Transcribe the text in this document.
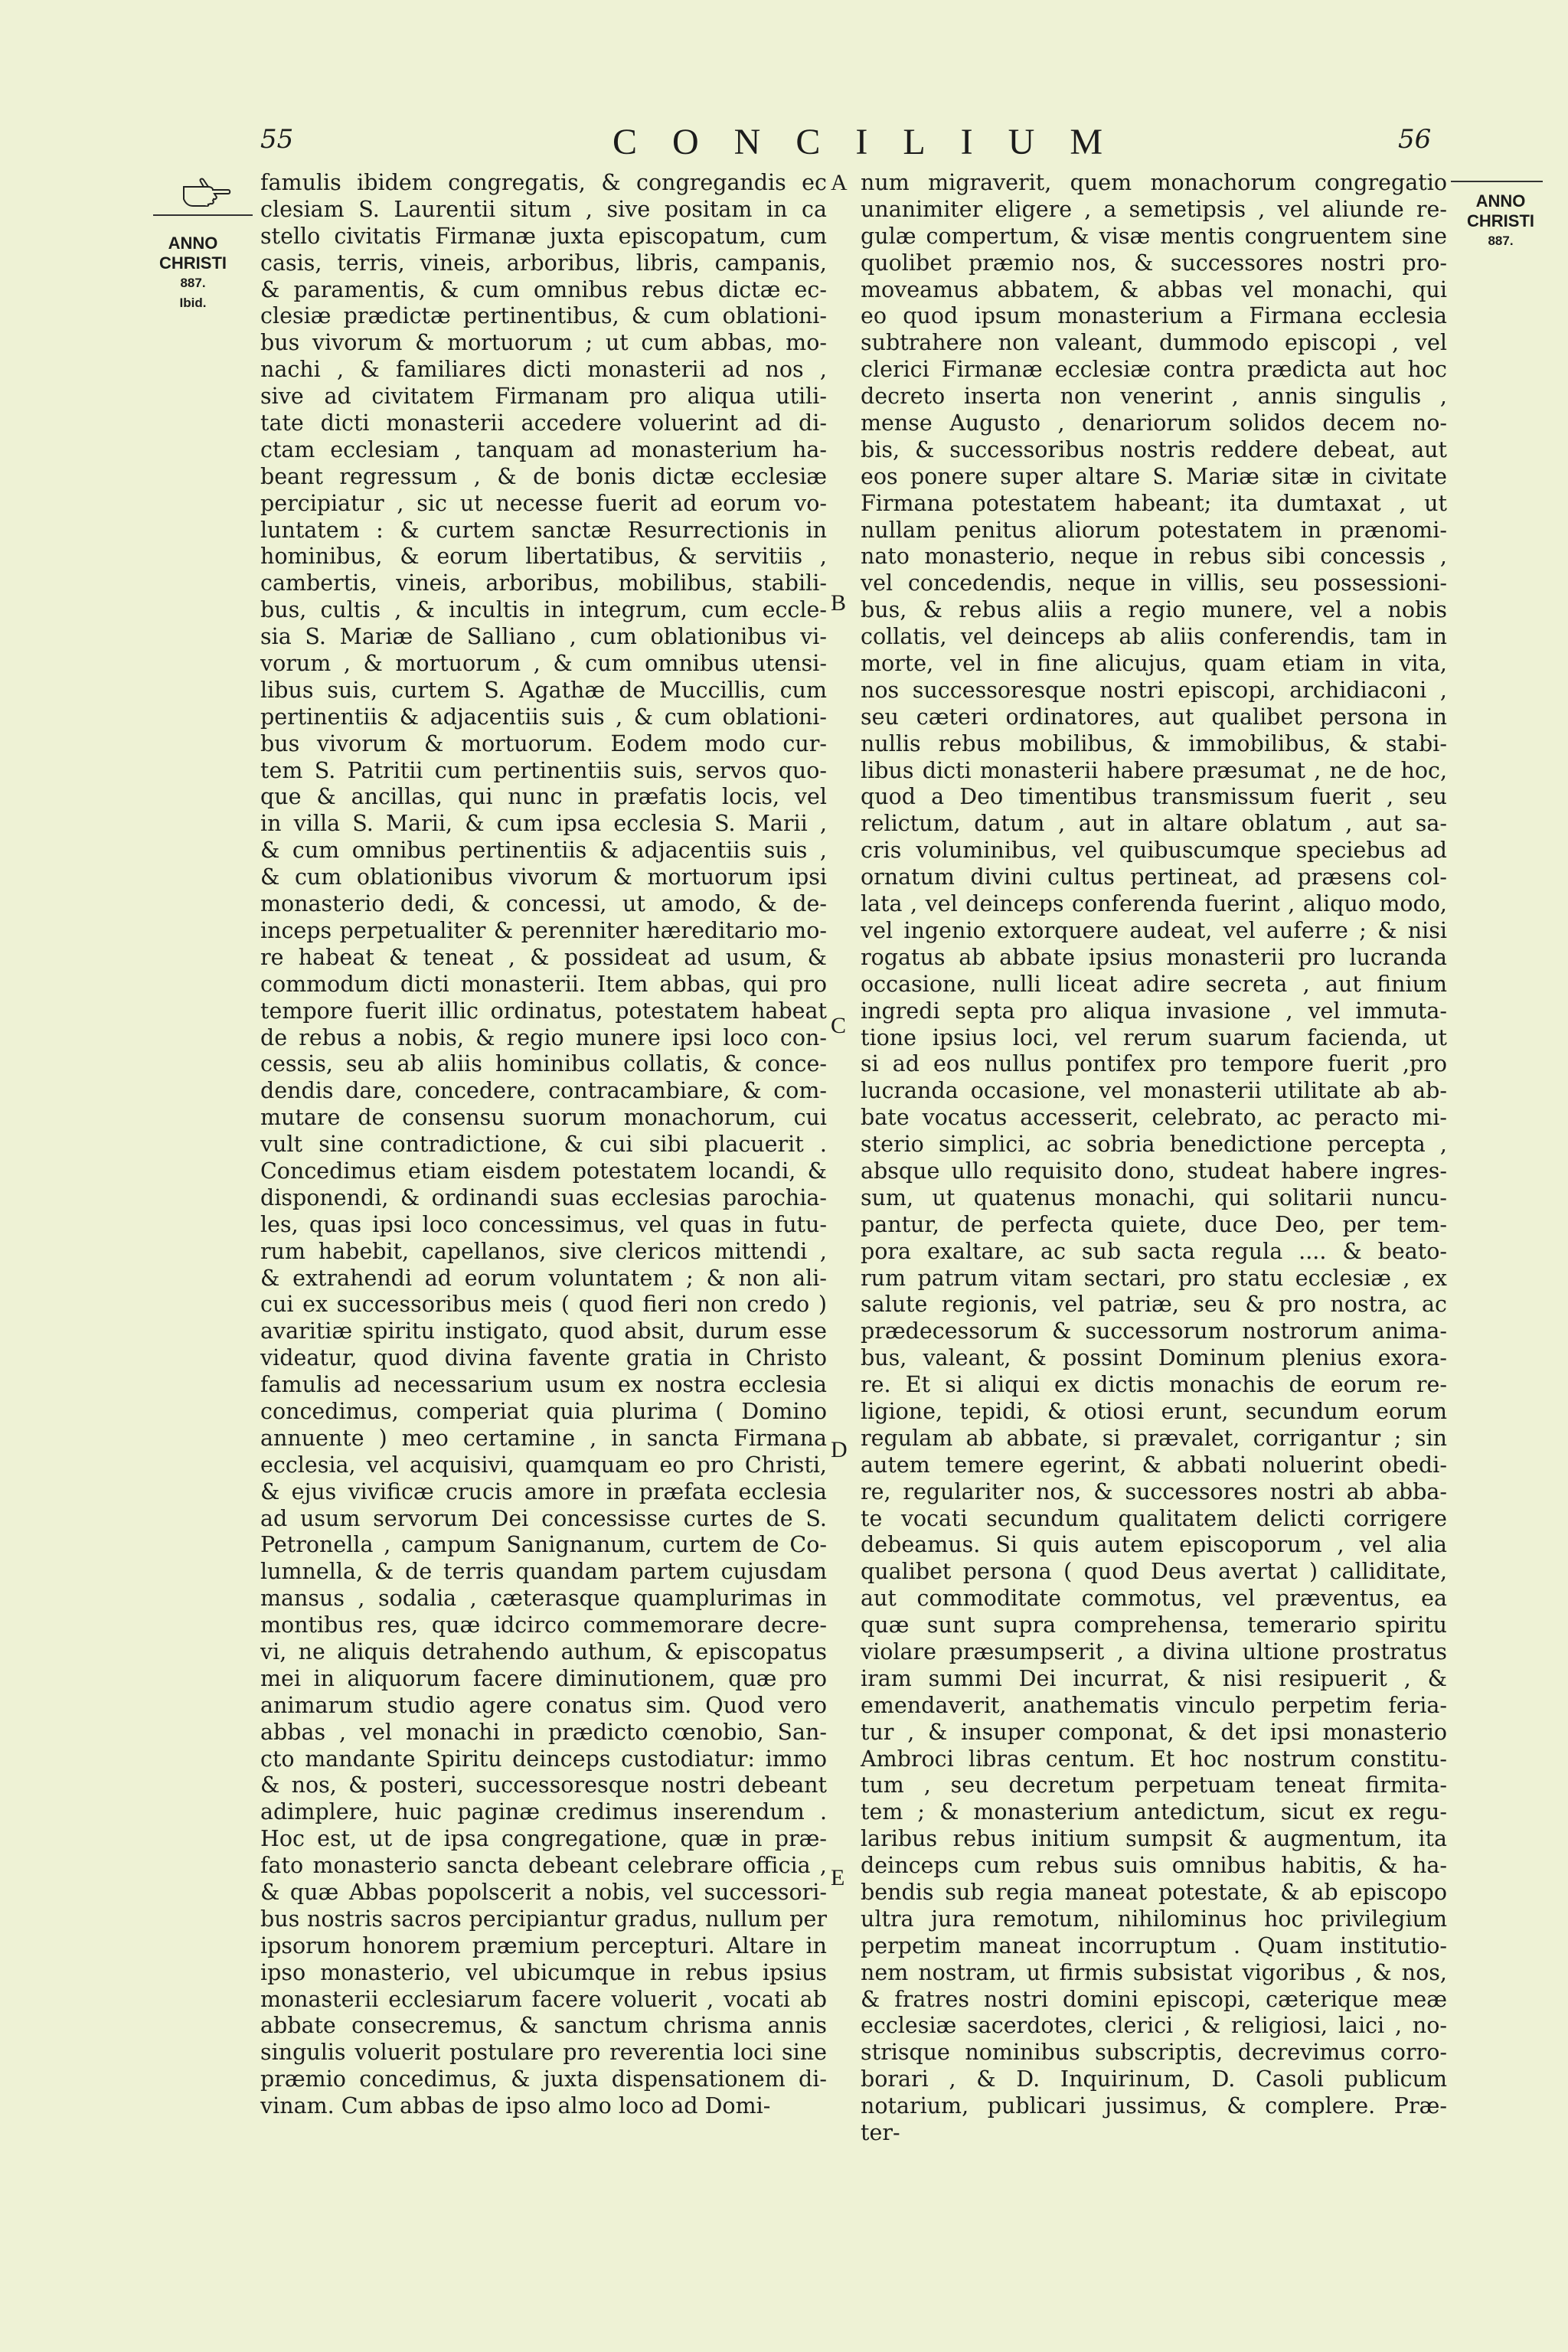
55	CONCILIUM	56
ANNO
CHRISTI
887.
Ibid.
ANNO
CHRISTI
887.
A
B
C
D
E
famulis ibidem congregatis, & congregandis ec
clesiam S. Laurentii situm , sive positam in ca
stello civitatis Firmanæ juxta episcopatum, cum
casis, terris, vineis, arboribus, libris, campanis,
& paramentis, & cum omnibus rebus dictæ ec-
clesiæ prædictæ pertinentibus, & cum oblationi-
bus vivorum & mortuorum ; ut cum abbas, mo-
nachi , & familiares dicti monasterii ad nos ,
sive ad civitatem Firmanam pro aliqua utili-
tate dicti monasterii accedere voluerint ad di-
ctam ecclesiam , tanquam ad monasterium ha-
beant regressum , & de bonis dictæ ecclesiæ
percipiatur , sic ut necesse fuerit ad eorum vo-
luntatem : & curtem sanctæ Resurrectionis in
hominibus, & eorum libertatibus, & servitiis ,
cambertis, vineis, arboribus, mobilibus, stabili-
bus, cultis , & incultis in integrum, cum eccle-
sia S. Mariæ de Salliano , cum oblationibus vi-
vorum , & mortuorum , & cum omnibus utensi-
libus suis, curtem S. Agathæ de Muccillis, cum
pertinentiis & adjacentiis suis , & cum oblationi-
bus vivorum & mortuorum. Eodem modo cur-
tem S. Patritii cum pertinentiis suis, servos quo-
que & ancillas, qui nunc in præfatis locis, vel
in villa S. Marii, & cum ipsa ecclesia S. Marii ,
& cum omnibus pertinentiis & adjacentiis suis ,
& cum oblationibus vivorum & mortuorum ipsi
monasterio dedi, & concessi, ut amodo, & de-
inceps perpetualiter & perenniter hæreditario mo-
re habeat & teneat , & possideat ad usum, &
commodum dicti monasterii. Item abbas, qui pro
tempore fuerit illic ordinatus, potestatem habeat
de rebus a nobis, & regio munere ipsi loco con-
cessis, seu ab aliis hominibus collatis, & conce-
dendis dare, concedere, contracambiare, & com-
mutare de consensu suorum monachorum, cui
vult sine contradictione, & cui sibi placuerit .
Concedimus etiam eisdem potestatem locandi, &
disponendi, & ordinandi suas ecclesias parochia-
les, quas ipsi loco concessimus, vel quas in futu-
rum habebit, capellanos, sive clericos mittendi ,
& extrahendi ad eorum voluntatem ; & non ali-
cui ex successoribus meis ( quod fieri non credo )
avaritiæ spiritu instigato, quod absit, durum esse
videatur, quod divina favente gratia in Christo
famulis ad necessarium usum ex nostra ecclesia
concedimus, comperiat quia plurima ( Domino
annuente ) meo certamine , in sancta Firmana
ecclesia, vel acquisivi, quamquam eo pro Christi,
& ejus vivificæ crucis amore in præfata ecclesia
ad usum servorum Dei concessisse curtes de S.
Petronella , campum Sanignanum, curtem de Co-
lumnella, & de terris quandam partem cujusdam
mansus , sodalia , cæterasque quamplurimas in
montibus res, quæ idcirco commemorare decre-
vi, ne aliquis detrahendo authum, & episcopatus
mei in aliquorum facere diminutionem, quæ pro
animarum studio agere conatus sim. Quod vero
abbas , vel monachi in prædicto cœnobio, San-
cto mandante Spiritu deinceps custodiatur: immo
& nos, & posteri, successoresque nostri debeant
adimplere, huic paginæ credimus inserendum .
Hoc est, ut de ipsa congregatione, quæ in præ-
fato monasterio sancta debeant celebrare officia ,
& quæ Abbas popolscerit a nobis, vel successori-
bus nostris sacros percipiantur gradus, nullum per
ipsorum honorem præmium percepturi. Altare in
ipso monasterio, vel ubicumque in rebus ipsius
monasterii ecclesiarum facere voluerit , vocati ab
abbate consecremus, & sanctum chrisma annis
singulis voluerit postulare pro reverentia loci sine
præmio concedimus, & juxta dispensationem di-
vinam. Cum abbas de ipso almo loco ad Domi-
num migraverit, quem monachorum congregatio
unanimiter eligere , a semetipsis , vel aliunde re-
gulæ compertum, & visæ mentis congruentem sine
quolibet præmio nos, & successores nostri pro-
moveamus abbatem, & abbas vel monachi, qui
eo quod ipsum monasterium a Firmana ecclesia
subtrahere non valeant, dummodo episcopi , vel
clerici Firmanæ ecclesiæ contra prædicta aut hoc
decreto inserta non venerint , annis singulis ,
mense Augusto , denariorum solidos decem no-
bis, & successoribus nostris reddere debeat, aut
eos ponere super altare S. Mariæ sitæ in civitate
Firmana potestatem habeant; ita dumtaxat , ut
nullam penitus aliorum potestatem in prænomi-
nato monasterio, neque in rebus sibi concessis ,
vel concedendis, neque in villis, seu possessioni-
bus, & rebus aliis a regio munere, vel a nobis
collatis, vel deinceps ab aliis conferendis, tam in
morte, vel in fine alicujus, quam etiam in vita,
nos successoresque nostri episcopi, archidiaconi ,
seu cæteri ordinatores, aut qualibet persona in
nullis rebus mobilibus, & immobilibus, & stabi-
libus dicti monasterii habere præsumat , ne de hoc,
quod a Deo timentibus transmissum fuerit , seu
relictum, datum , aut in altare oblatum , aut sa-
cris voluminibus, vel quibuscumque speciebus ad
ornatum divini cultus pertineat, ad præsens col-
lata , vel deinceps conferenda fuerint , aliquo modo,
vel ingenio extorquere audeat, vel auferre ; & nisi
rogatus ab abbate ipsius monasterii pro lucranda
occasione, nulli liceat adire secreta , aut finium
ingredi septa pro aliqua invasione , vel immuta-
tione ipsius loci, vel rerum suarum facienda, ut
si ad eos nullus pontifex pro tempore fuerit ,pro
lucranda occasione, vel monasterii utilitate ab ab-
bate vocatus accesserit, celebrato, ac peracto mi-
sterio simplici, ac sobria benedictione percepta ,
absque ullo requisito dono, studeat habere ingres-
sum, ut quatenus monachi, qui solitarii nuncu-
pantur, de perfecta quiete, duce Deo, per tem-
pora exaltare, ac sub sacta regula .... & beato-
rum patrum vitam sectari, pro statu ecclesiæ , ex
salute regionis, vel patriæ, seu & pro nostra, ac
prædecessorum & successorum nostrorum anima-
bus, valeant, & possint Dominum plenius exora-
re. Et si aliqui ex dictis monachis de eorum re-
ligione, tepidi, & otiosi erunt, secundum eorum
regulam ab abbate, si prævalet, corrigantur ; sin
autem temere egerint, & abbati noluerint obedi-
re, regulariter nos, & successores nostri ab abba-
te vocati secundum qualitatem delicti corrigere
debeamus. Si quis autem episcoporum , vel alia
qualibet persona ( quod Deus avertat ) calliditate,
aut commoditate commotus, vel præventus, ea
quæ sunt supra comprehensa, temerario spiritu
violare præsumpserit , a divina ultione prostratus
iram summi Dei incurrat, & nisi resipuerit , &
emendaverit, anathematis vinculo perpetim feria-
tur , & insuper componat, & det ipsi monasterio
Ambroci libras centum. Et hoc nostrum constitu-
tum , seu decretum perpetuam teneat firmita-
tem ; & monasterium antedictum, sicut ex regu-
laribus rebus initium sumpsit & augmentum, ita
deinceps cum rebus suis omnibus habitis, & ha-
bendis sub regia maneat potestate, & ab episcopo
ultra jura remotum, nihilominus hoc privilegium
perpetim maneat incorruptum . Quam institutio-
nem nostram, ut firmis subsistat vigoribus , & nos,
& fratres nostri domini episcopi, cæterique meæ
ecclesiæ sacerdotes, clerici , & religiosi, laici , no-
strisque nominibus subscriptis, decrevimus corro-
borari , & D. Inquirinum, D. Casoli publicum
notarium, publicari jussimus, & complere. Præ-
ter-
